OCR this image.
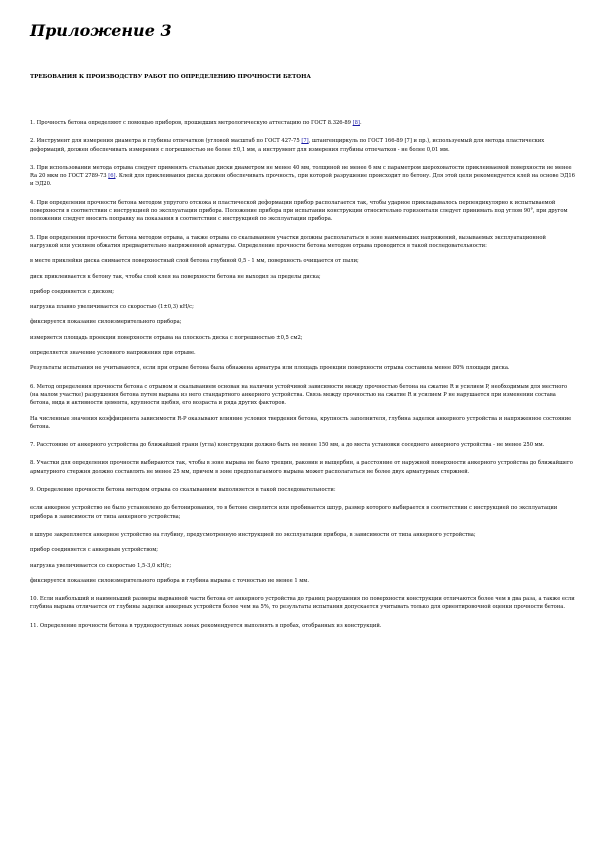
Приложение 3
ТРЕБОВАНИЯ К ПРОИЗВОДСТВУ РАБОТ ПО ОПРЕДЕЛЕНИЮ ПРОЧНОСТИ БЕТОНА

1. Прочность бетона определяют с помощью приборов, прошедших метрологическую аттестацию по ГОСТ 8.326-89 [8].

2. Инструмент для измерения диаметра и глубины отпечатков (угловой масштаб по ГОСТ 427-75 [7], штангенциркуль по ГОСТ 166-89 [7] и пр.), используемый для метода пластических деформаций, должен обеспечивать измерения с погрешностью не более ±0,1 мм, а инструмент для измерения глубины отпечатков - не более 0,01 мм.

3. При использовании метода отрыва следует применять стальные диски диаметром не менее 40 мм, толщиной не менее 6 мм с параметром шероховатости приклеиваемой поверхности не менее Ra 20 мкм по ГОСТ 2789-73 [6]. Клей для приклеивания диска должен обеспечивать прочность, при которой разрушение происходит по бетону. Для этой цели рекомендуется клей на основе ЭД16 и ЭД20.

4. При определении прочности бетона методом упругого отскока и пластической деформации прибор располагается так, чтобы ударное прикладывалось перпендикулярно к испытываемой поверхности в соответствии с инструкцией по эксплуатации прибора. Положение прибора при испытании конструкции относительно горизонтали следует принимать под углом 90°, при другом положении следует вносить поправку на показания в соответствии с инструкцией по эксплуатации прибора.

5. При определении прочности бетона методом отрыва, а также отрыва со скалыванием участки должны располагаться в зоне наименьших напряжений, вызываемых эксплуатационной нагрузкой или усилием обжатия предварительно напряженной арматуры. Определение прочности бетона методом отрыва проводится в такой последовательности:

в месте приклейки диска снимается поверхностный слой бетона глубиной 0,5 - 1 мм, поверхность очищается от пыли;

диск приклеивается к бетону так, чтобы слой клея на поверхности бетона не выходил за пределы диска;

прибор соединяется с диском;

нагрузка плавно увеличивается со скоростью (1±0,3) кН/с;

фиксируется показание силоизмерительного прибора;

измеряется площадь проекции поверхности отрыва на плоскость диска с погрешностью ±0,5 см2;

определяется значение условного напряжения при отрыве.

Результаты испытания не учитываются, если при отрыве бетона была обнажена арматура или площадь проекции поверхности отрыва составила менее 80% площади диска.

6. Метод определения прочности бетона с отрывом и скалыванием основан на наличии устойчивой зависимости между прочностью бетона на сжатие R и усилием P, необходимым для местного (на малом участке) разрушения бетона путем вырыва из него стандартного анкерного устройства. Связь между прочностью на сжатие R и усилием P не нарушается при изменении состава бетона, вида и активности цемента, крупности щебня, его возраста и ряда других факторов.

На численные значения коэффициента зависимости R-P оказывают влияние условия твердения бетона, крупность заполнителя, глубина заделки анкерного устройства и напряженное состояние бетона.

7. Расстояние от анкерного устройства до ближайшей грани (угла) конструкции должно быть не менее 150 мм, а до места установки соседнего анкерного устройства - не менее 250 мм.

8. Участки для определения прочности выбираются так, чтобы в зоне вырыва не было трещин, раковин и выщербин, а расстояние от наружной поверхности анкерного устройства до ближайшего арматурного стержня должно составлять не менее 25 мм, причем в зоне предполагаемого вырыва может располагаться не более двух арматурных стержней.

9. Определение прочности бетона методом отрыва со скалыванием выполняется в такой последовательности:

если анкерное устройство не было установлено до бетонирования, то в бетоне сверлится или пробивается шпур, размер которого выбирается в соответствии с инструкцией по эксплуатации прибора в зависимости от типа анкерного устройства;

в шпуре закрепляется анкерное устройство на глубину, предусмотренную инструкцией по эксплуатации прибора, в зависимости от типа анкерного устройства;

прибор соединяется с анкерным устройством;

нагрузка увеличивается со скоростью 1,5-3,0 кН/с;

фиксируется показание силоизмерительного прибора и глубина вырыва с точностью не менее 1 мм.

10. Если наибольший и наименьший размеры вырванной части бетона от анкерного устройства до границ разрушения по поверхности конструкции отличаются более чем в два раза, а также если глубина вырыва отличается от глубины заделки анкерных устройств более чем на 5%, то результаты испытания допускается учитывать только для ориентировочной оценки прочности бетона.

11. Определение прочности бетона в труднодоступных зонах рекомендуется выполнять в пробах, отобранных из конструкций.
